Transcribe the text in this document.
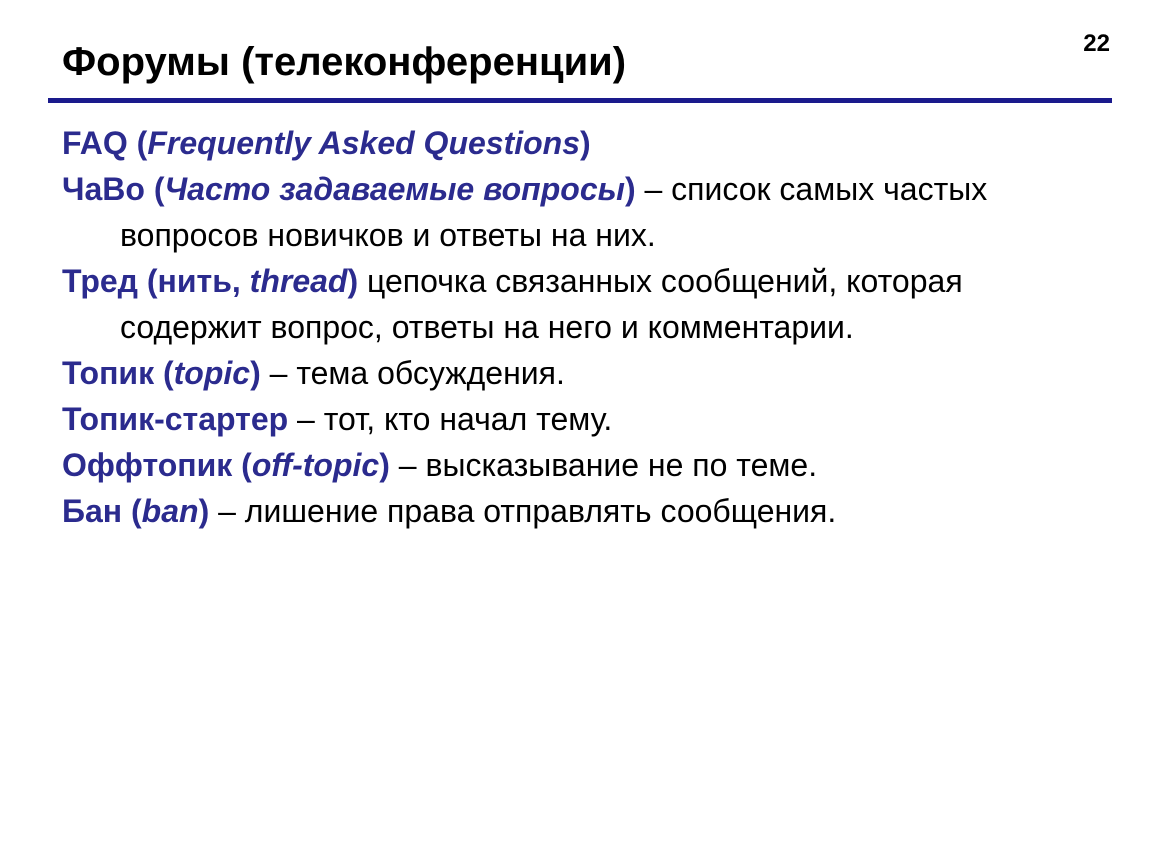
Форумы (телеконференции)	22
FAQ (Frequently Asked Questions)
ЧаВо (Часто задаваемые вопросы) – список самых частых вопросов новичков и ответы на них.
Тред (нить, thread) цепочка связанных сообщений, которая содержит вопрос, ответы на него и комментарии.
Топик (topic) – тема обсуждения.
Топик-стартер – тот, кто начал тему.
Оффтопик (off-topic) – высказывание не по теме.
Бан (ban) – лишение права отправлять сообщения.
